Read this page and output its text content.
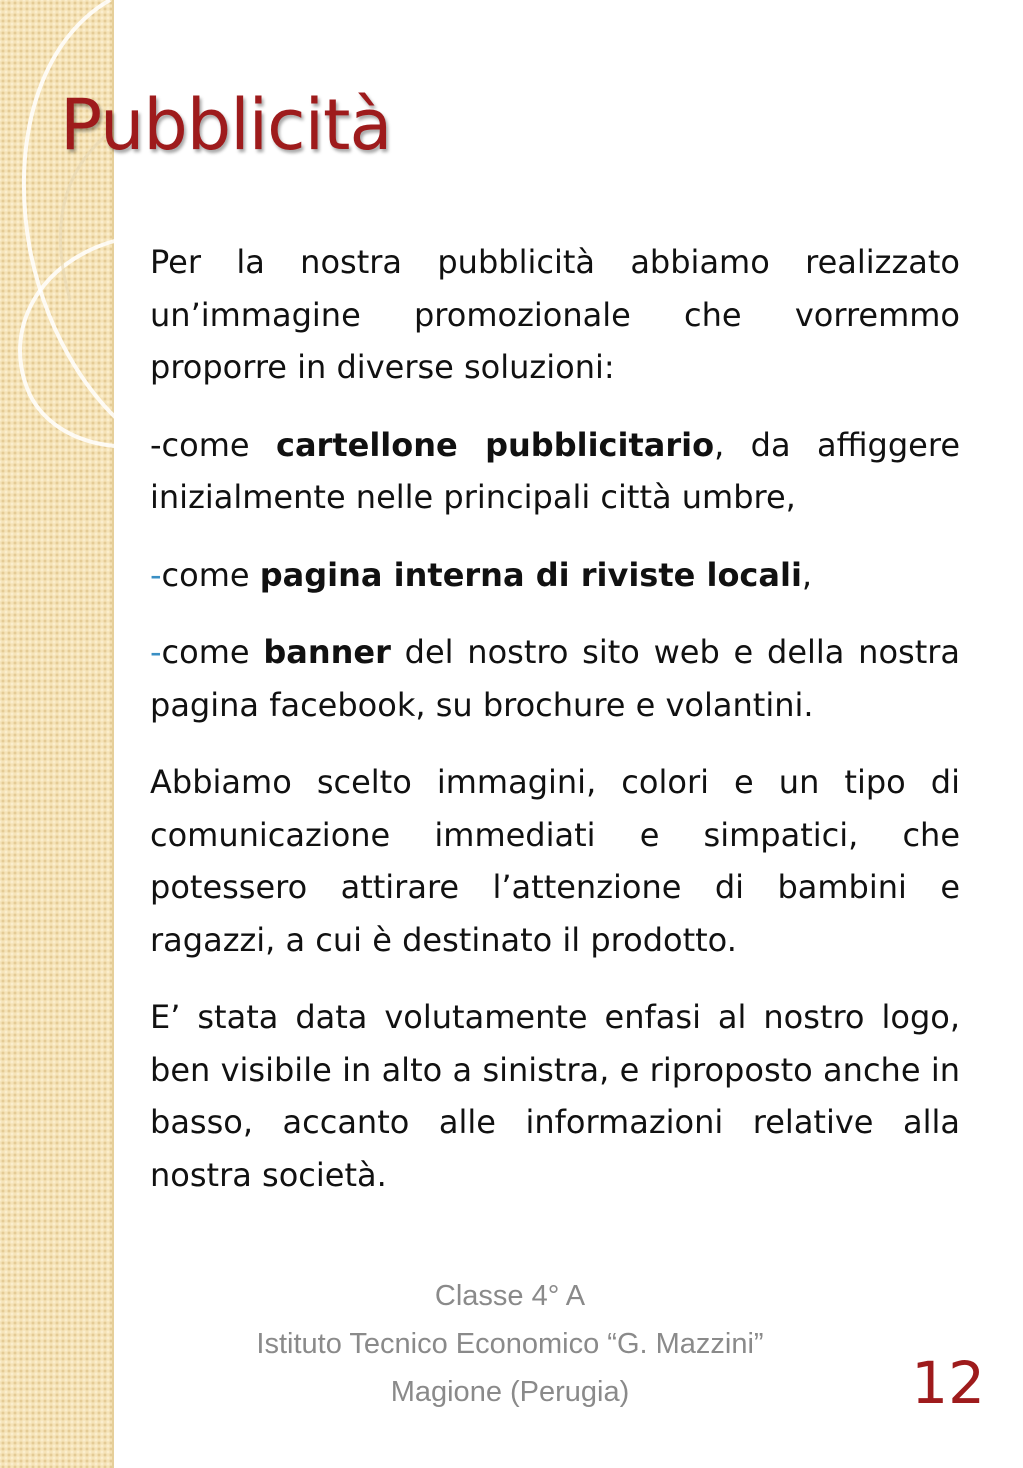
Pubblicità

Per la nostra pubblicità abbiamo realizzato un’immagine promozionale che vorremmo proporre in diverse soluzioni:

-come cartellone pubblicitario, da affiggere inizialmente nelle principali città umbre,

-come pagina interna di riviste locali,

-come banner del nostro sito web e della nostra pagina facebook, su brochure e volantini.

Abbiamo scelto immagini, colori e un tipo di comunicazione immediati e simpatici, che potessero attirare l’attenzione di bambini e ragazzi, a cui è destinato il prodotto.

E’ stata data volutamente enfasi al nostro logo, ben visibile in alto a sinistra, e riproposto anche in basso, accanto alle informazioni relative alla nostra società.

Classe 4° A
Istituto Tecnico Economico “G. Mazzini”
Magione (Perugia)	12
